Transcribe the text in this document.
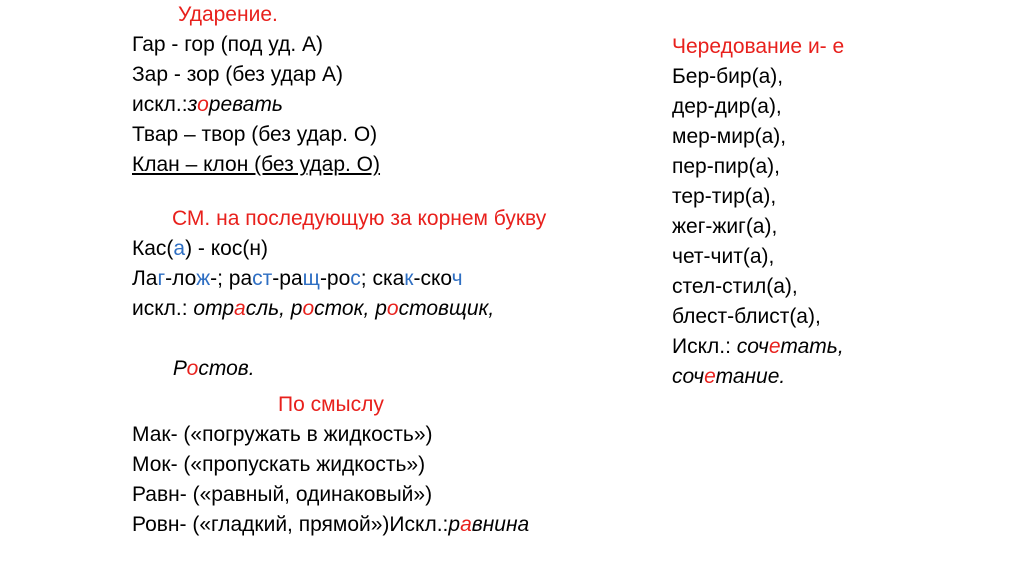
Ударение.
Гар - гор (под уд. А)
Зар - зор (без удар А)
искл.:зоревать
Твар – твор (без удар. О)
Клан – клон (без удар. О)
СМ. на последующую за корнем букву
Кас(а) - кос(н)
Лаг-лож-; раст-ращ-рос; скак-скоч
искл.: отрасль, росток, ростовщик,

Ростов.

По смыслу
Мак- («погружать в жидкость»)
Мок- («пропускать жидкость»)
Равн- («равный, одинаковый»)
Ровн- («гладкий, прямой»)Искл.:равнина
Чередование и- е
Бер-бир(а),
дер-дир(а),
мер-мир(а),
пер-пир(а),
тер-тир(а),
жег-жиг(а),
чет-чит(а),
стел-стил(а),
блест-блист(а),
Искл.: сочетать,
сочетание.
